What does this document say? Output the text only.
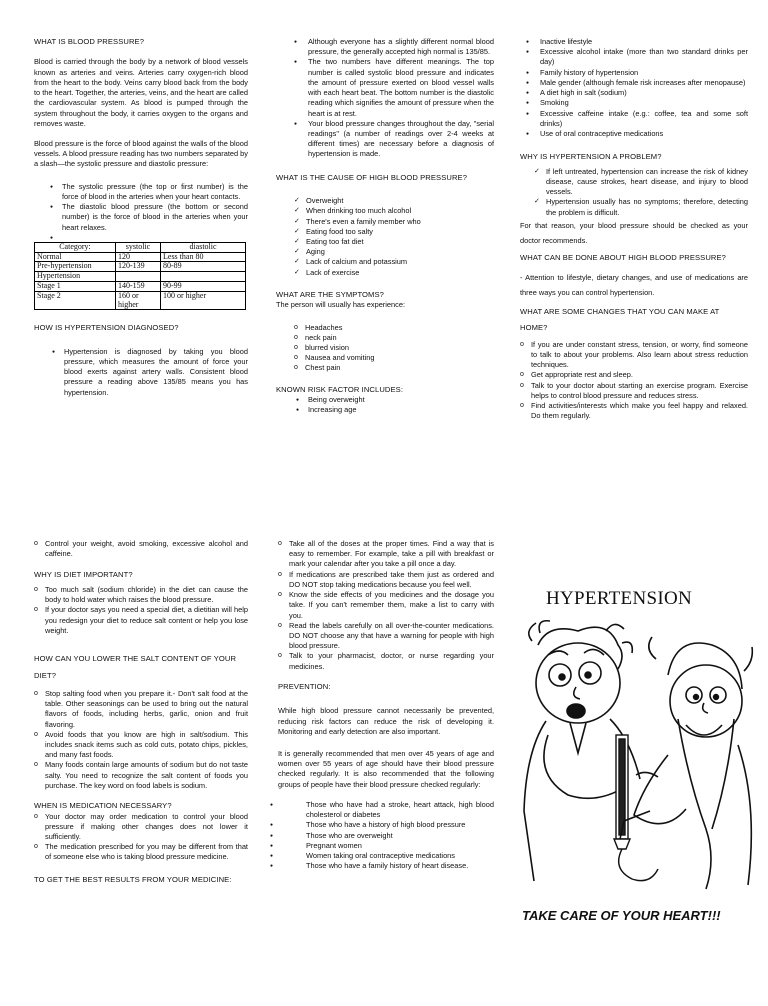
WHAT IS BLOOD PRESSURE?

Blood is carried through the body by a network of blood vessels known as arteries and veins. Arteries carry oxygen-rich blood from the heart to the body. Veins carry blood back from the body to the heart. Together, the arteries, veins, and the heart are called the cardiovascular system. As blood is pumped through the system throughout the body, it carries oxygen to the organs and removes waste.

Blood pressure is the force of blood against the walls of the blood vessels. A blood pressure reading has two numbers separated by a slash—the systolic pressure and diastolic pressure:

● The systolic pressure (the top or first number) is the force of blood in the arteries when your heart contacts.
● The diastolic blood pressure (the bottom or second number) is the force of blood in the arteries when your heart relaxes.
●
Category:	systolic	diastolic
Normal	120	Less than 80
Pre-hypertension	120-139	80-89
Hypertension		
Stage 1	140-159	90-99
Stage 2	160 or higher	100 or higher

HOW IS HYPERTENSION DIAGNOSED?

● Hypertension is diagnosed by taking you blood pressure, which measures the amount of force your blood exerts against artery walls. Consistent blood pressure a reading above 135/85 means you has hypertension.
● Although everyone has a slightly different normal blood pressure, the generally accepted high normal is 135/85.
● The two numbers have different meanings. The top number is called systolic blood pressure and indicates the amount of pressure exerted on blood vessel walls with each heart beat. The bottom number is the diastolic reading which signifies the amount of pressure when the heart is at rest.
● Your blood pressure changes throughout the day, "serial readings" (a number of readings over 2-4 weeks at different times) are necessary before a diagnosis of hypertension is made.

WHAT IS THE CAUSE OF HIGH BLOOD PRESSURE?

✓ Overweight
✓ When drinking too much alcohol
✓ There's even a family member who
✓ Eating food too salty
✓ Eating too fat diet
✓ Aging
✓ Lack of calcium and potassium
✓ Lack of exercise

WHAT ARE THE SYMPTOMS?

The person will usually has experience:

o Headaches
o neck pain
o blurred vision
o Nausea and vomiting
o Chest pain

KNOWN RISK FACTOR INCLUDES:

● Being overweight
● Increasing age
● Inactive lifestyle
● Excessive alcohol intake (more than two standard drinks per day)
● Family history of hypertension
● Male gender (although female risk increases after menopause)
● A diet high in salt (sodium)
● Smoking
● Excessive caffeine intake (e.g.: coffee, tea and some soft drinks)
● Use of oral contraceptive medications

WHY IS HYPERTENSION A PROBLEM?

✓ If left untreated, hypertension can increase the risk of kidney disease, cause strokes, heart disease, and injury to blood vessels.
✓ Hypertension usually has no symptoms; therefore, detecting the problem is difficult.

For that reason, your blood pressure should be checked as your doctor recommends.

WHAT CAN BE DONE ABOUT HIGH BLOOD PRESSURE?

- Attention to lifestyle, dietary changes, and use of medications are three ways you can control hypertension.

WHAT ARE SOME CHANGES THAT YOU CAN MAKE AT HOME?

o If you are under constant stress, tension, or worry, find someone to talk to about your problems. Also learn about stress reduction techniques.
o Get appropriate rest and sleep.
o Talk to your doctor about starting an exercise program. Exercise helps to control blood pressure and reduces stress.
o Find activities/interests which make you feel happy and relaxed. Do them regularly.
o Control your weight, avoid smoking, excessive alcohol and caffeine.

WHY IS DIET IMPORTANT?

o Too much salt (sodium chloride) in the diet can cause the body to hold water which raises the blood pressure.
o If your doctor says you need a special diet, a dietitian will help you redesign your diet to reduce salt content or help you lose weight.

HOW CAN YOU LOWER THE SALT CONTENT OF YOUR DIET?

o Stop salting food when you prepare it.- Don't salt food at the table. Other seasonings can be used to bring out the natural flavors of foods, including herbs, garlic, onion and fruit flavoring.
o Avoid foods that you know are high in salt/sodium. This includes snack items such as cold cuts, potato chips, pickles, and many fast foods.
o Many foods contain large amounts of sodium but do not taste salty. You need to recognize the salt content of foods you purchase. The key word on food labels is sodium.

WHEN IS MEDICATION NECESSARY?

o Your doctor may order medication to control your blood pressure if making other changes does not lower it sufficiently.
o The medication prescribed for you may be different from that of someone else who is taking blood pressure medicine.

TO GET THE BEST RESULTS FROM YOUR MEDICINE:

o Take all of the doses at the proper times. Find a way that is easy to remember. For example, take a pill with breakfast or mark your calendar after you take a pill once a day.
o If medications are prescribed take them just as ordered and DO NOT stop taking medications because you feel well.
o Know the side effects of you medicines and the dosage you take. If you can't remember them, make a list to carry with you.
o Read the labels carefully on all over-the-counter medications. DO NOT choose any that have a warning for people with high blood pressure.
o Talk to your pharmacist, doctor, or nurse regarding your medicines.

PREVENTION:

While high blood pressure cannot necessarily be prevented, reducing risk factors can reduce the risk of developing it. Monitoring and early detection are also important.

It is generally recommended that men over 45 years of age and women over 55 years of age should have their blood pressure checked regularly. It is also recommended that the following groups of people have their blood pressure checked regularly:

● Those who have had a stroke, heart attack, high blood cholesterol or diabetes
● Those who have a history of high blood pressure
● Those who are overweight
● Pregnant women
● Women taking oral contraceptive medications
● Those who have a family history of heart disease.
HYPERTENSION
TAKE CARE OF YOUR HEART!!!
